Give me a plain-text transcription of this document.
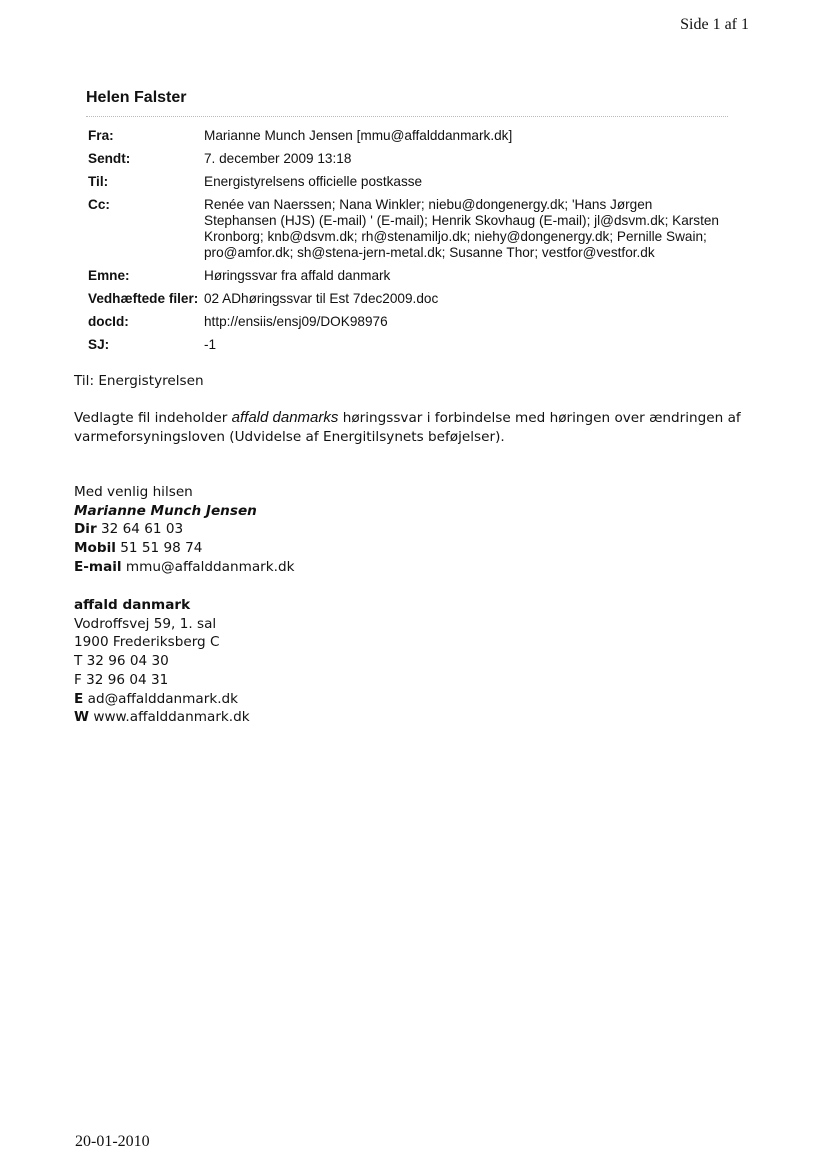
Side 1 af 1
Helen Falster
Fra:	Marianne Munch Jensen [mmu@affalddanmark.dk]
Sendt:	7. december 2009 13:18
Til:	Energistyrelsens officielle postkasse
Cc:	Renée van Naerssen; Nana Winkler; niebu@dongenergy.dk; 'Hans Jørgen
Stephansen (HJS) (E-mail) ' (E-mail); Henrik Skovhaug (E-mail); jl@dsvm.dk; Karsten
Kronborg; knb@dsvm.dk; rh@stenamiljo.dk; niehy@dongenergy.dk; Pernille Swain;
pro@amfor.dk; sh@stena-jern-metal.dk; Susanne Thor; vestfor@vestfor.dk

Emne:	Høringssvar fra affald danmark
Vedhæftede filer:	02 ADhøringssvar til Est 7dec2009.doc
docId:	http://ensiis/ensj09/DOK98976
SJ:	-1
Til: Energistyrelsen
Vedlagte fil indeholder affald danmarks høringssvar i forbindelse med høringen over ændringen af
varmeforsyningsloven (Udvidelse af Energitilsynets beføjelser).
Med venlig hilsen
Marianne Munch Jensen
Dir 32 64 61 03
Mobil 51 51 98 74
E-mail mmu@affalddanmark.dk
affald danmark
Vodroffsvej 59, 1. sal
1900 Frederiksberg C
T 32 96 04 30
F 32 96 04 31
E ad@affalddanmark.dk
W www.affalddanmark.dk
20-01-2010
